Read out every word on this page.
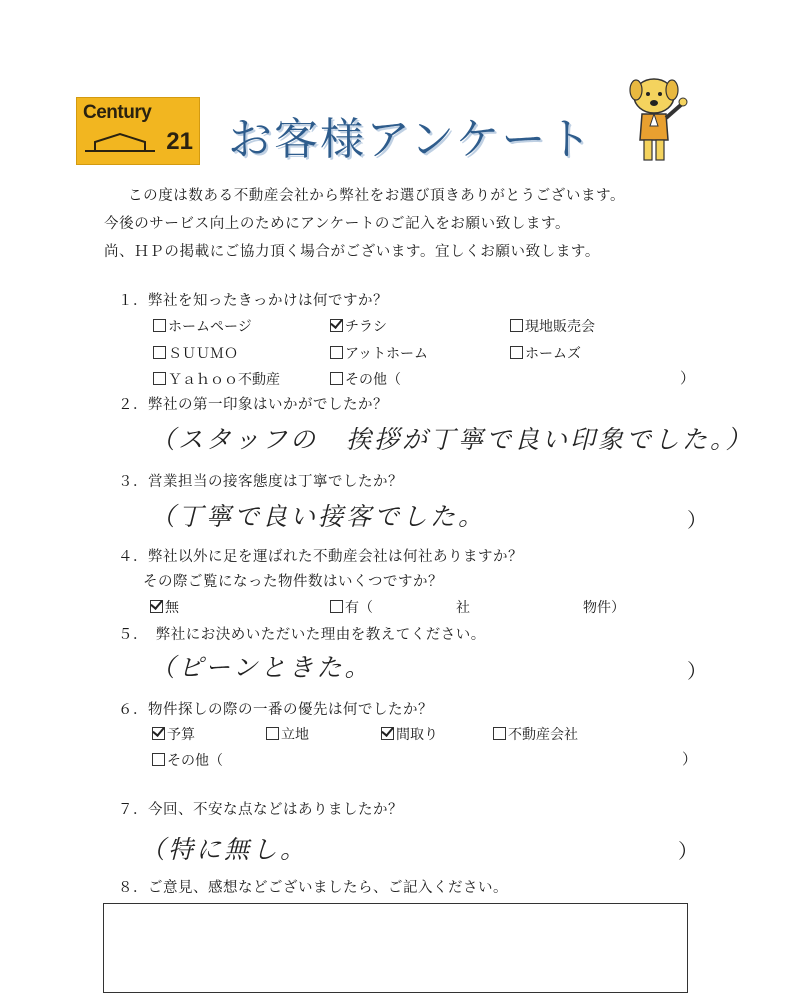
Century
21 お客様アンケート

この度は数ある不動産会社から弊社をお選び頂きありがとうございます。

今後のサービス向上のためにアンケートのご記入をお願い致します。

尚、ＨＰの掲載にご協力頂く場合がございます。宜しくお願い致します。

１．弊社を知ったきっかけは何ですか？

ホームページ	チラシ	現地販売会
ＳＵＵＭＯ	アットホーム	ホームズ
Ｙａｈｏｏ不動産	その他（	）

２．弊社の第一印象はいかがでしたか？

（スタッフの　挨拶が丁寧で良い印象でした。）

３．営業担当の接客態度は丁寧でしたか？

（丁寧で良い接客でした。	）

４．弊社以外に足を運ばれた不動産会社は何社ありますか？

その際ご覧になった物件数はいくつですか？

無	有（	社	物件）

５．　弊社にお決めいただいた理由を教えてください。

（ピーンときた。	）

６．物件探しの際の一番の優先は何でしたか？

予算	立地	間取り	不動産会社
その他（	）

７．今回、不安な点などはありましたか？

（特に無し。	）

８．ご意見、感想などございましたら、ご記入ください。
